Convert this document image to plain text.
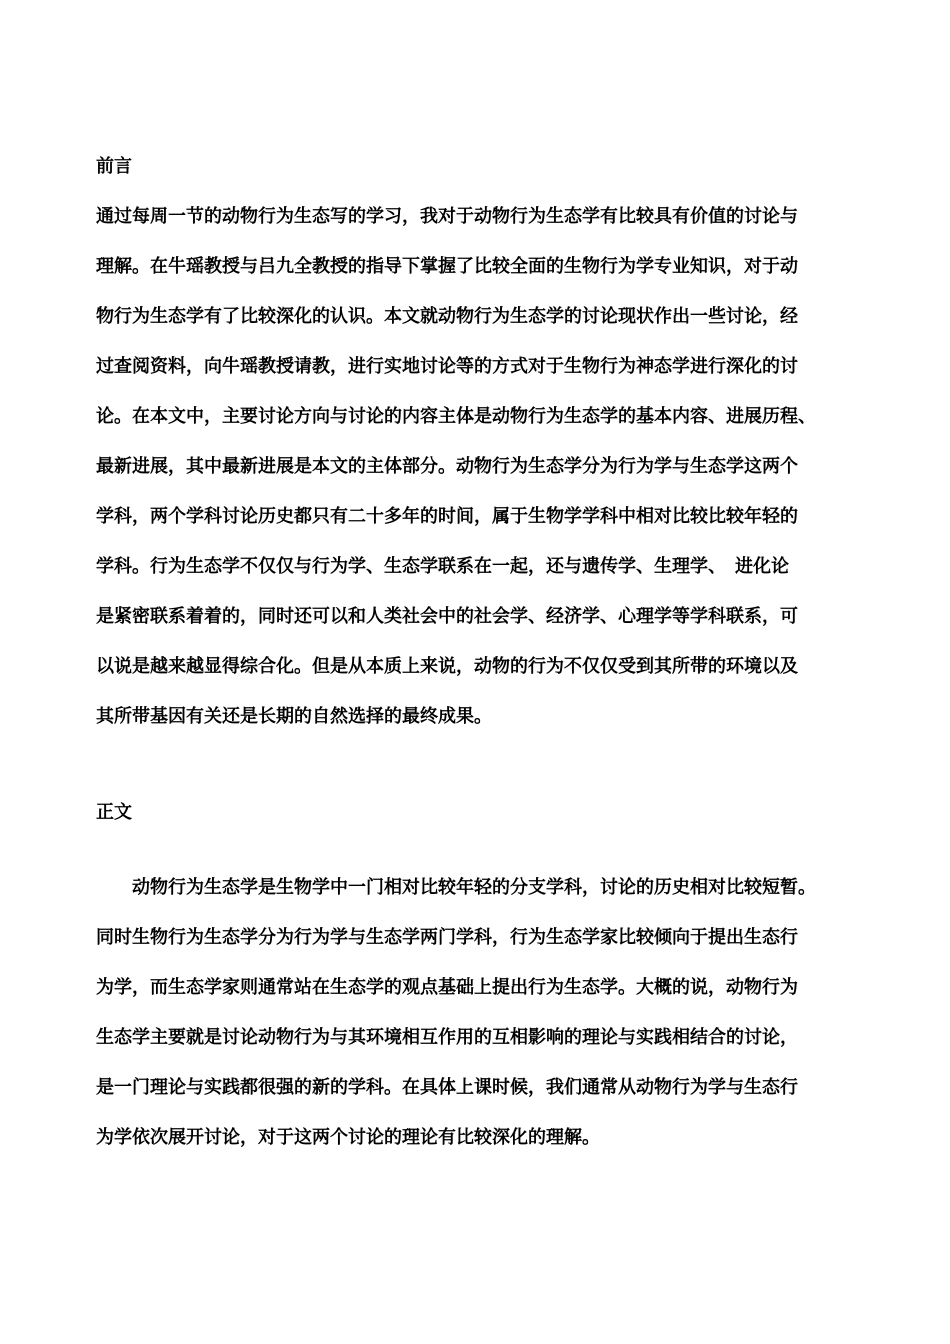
前言

通过每周一节的动物行为生态写的学习，我对于动物行为生态学有比较具有价值的讨论与

理解。在牛瑶教授与吕九全教授的指导下掌握了比较全面的生物行为学专业知识，对于动

物行为生态学有了比较深化的认识。本文就动物行为生态学的讨论现状作出一些讨论，经

过查阅资料，向牛瑶教授请教，进行实地讨论等的方式对于生物行为神态学进行深化的讨

论。在本文中，主要讨论方向与讨论的内容主体是动物行为生态学的基本内容、进展历程、

最新进展，其中最新进展是本文的主体部分。动物行为生态学分为行为学与生态学这两个

学科，两个学科讨论历史都只有二十多年的时间，属于生物学学科中相对比较比较年轻的

学科。行为生态学不仅仅与行为学、生态学联系在一起，还与遗传学、生理学、　进化论

是紧密联系着着的，同时还可以和人类社会中的社会学、经济学、心理学等学科联系，可

以说是越来越显得综合化。但是从本质上来说，动物的行为不仅仅受到其所带的环境以及

其所带基因有关还是长期的自然选择的最终成果。

正文

　　动物行为生态学是生物学中一门相对比较年轻的分支学科，讨论的历史相对比较短暂。

同时生物行为生态学分为行为学与生态学两门学科，行为生态学家比较倾向于提出生态行

为学，而生态学家则通常站在生态学的观点基础上提出行为生态学。大概的说，动物行为

生态学主要就是讨论动物行为与其环境相互作用的互相影响的理论与实践相结合的讨论，

是一门理论与实践都很强的新的学科。在具体上课时候，我们通常从动物行为学与生态行

为学依次展开讨论，对于这两个讨论的理论有比较深化的理解。
